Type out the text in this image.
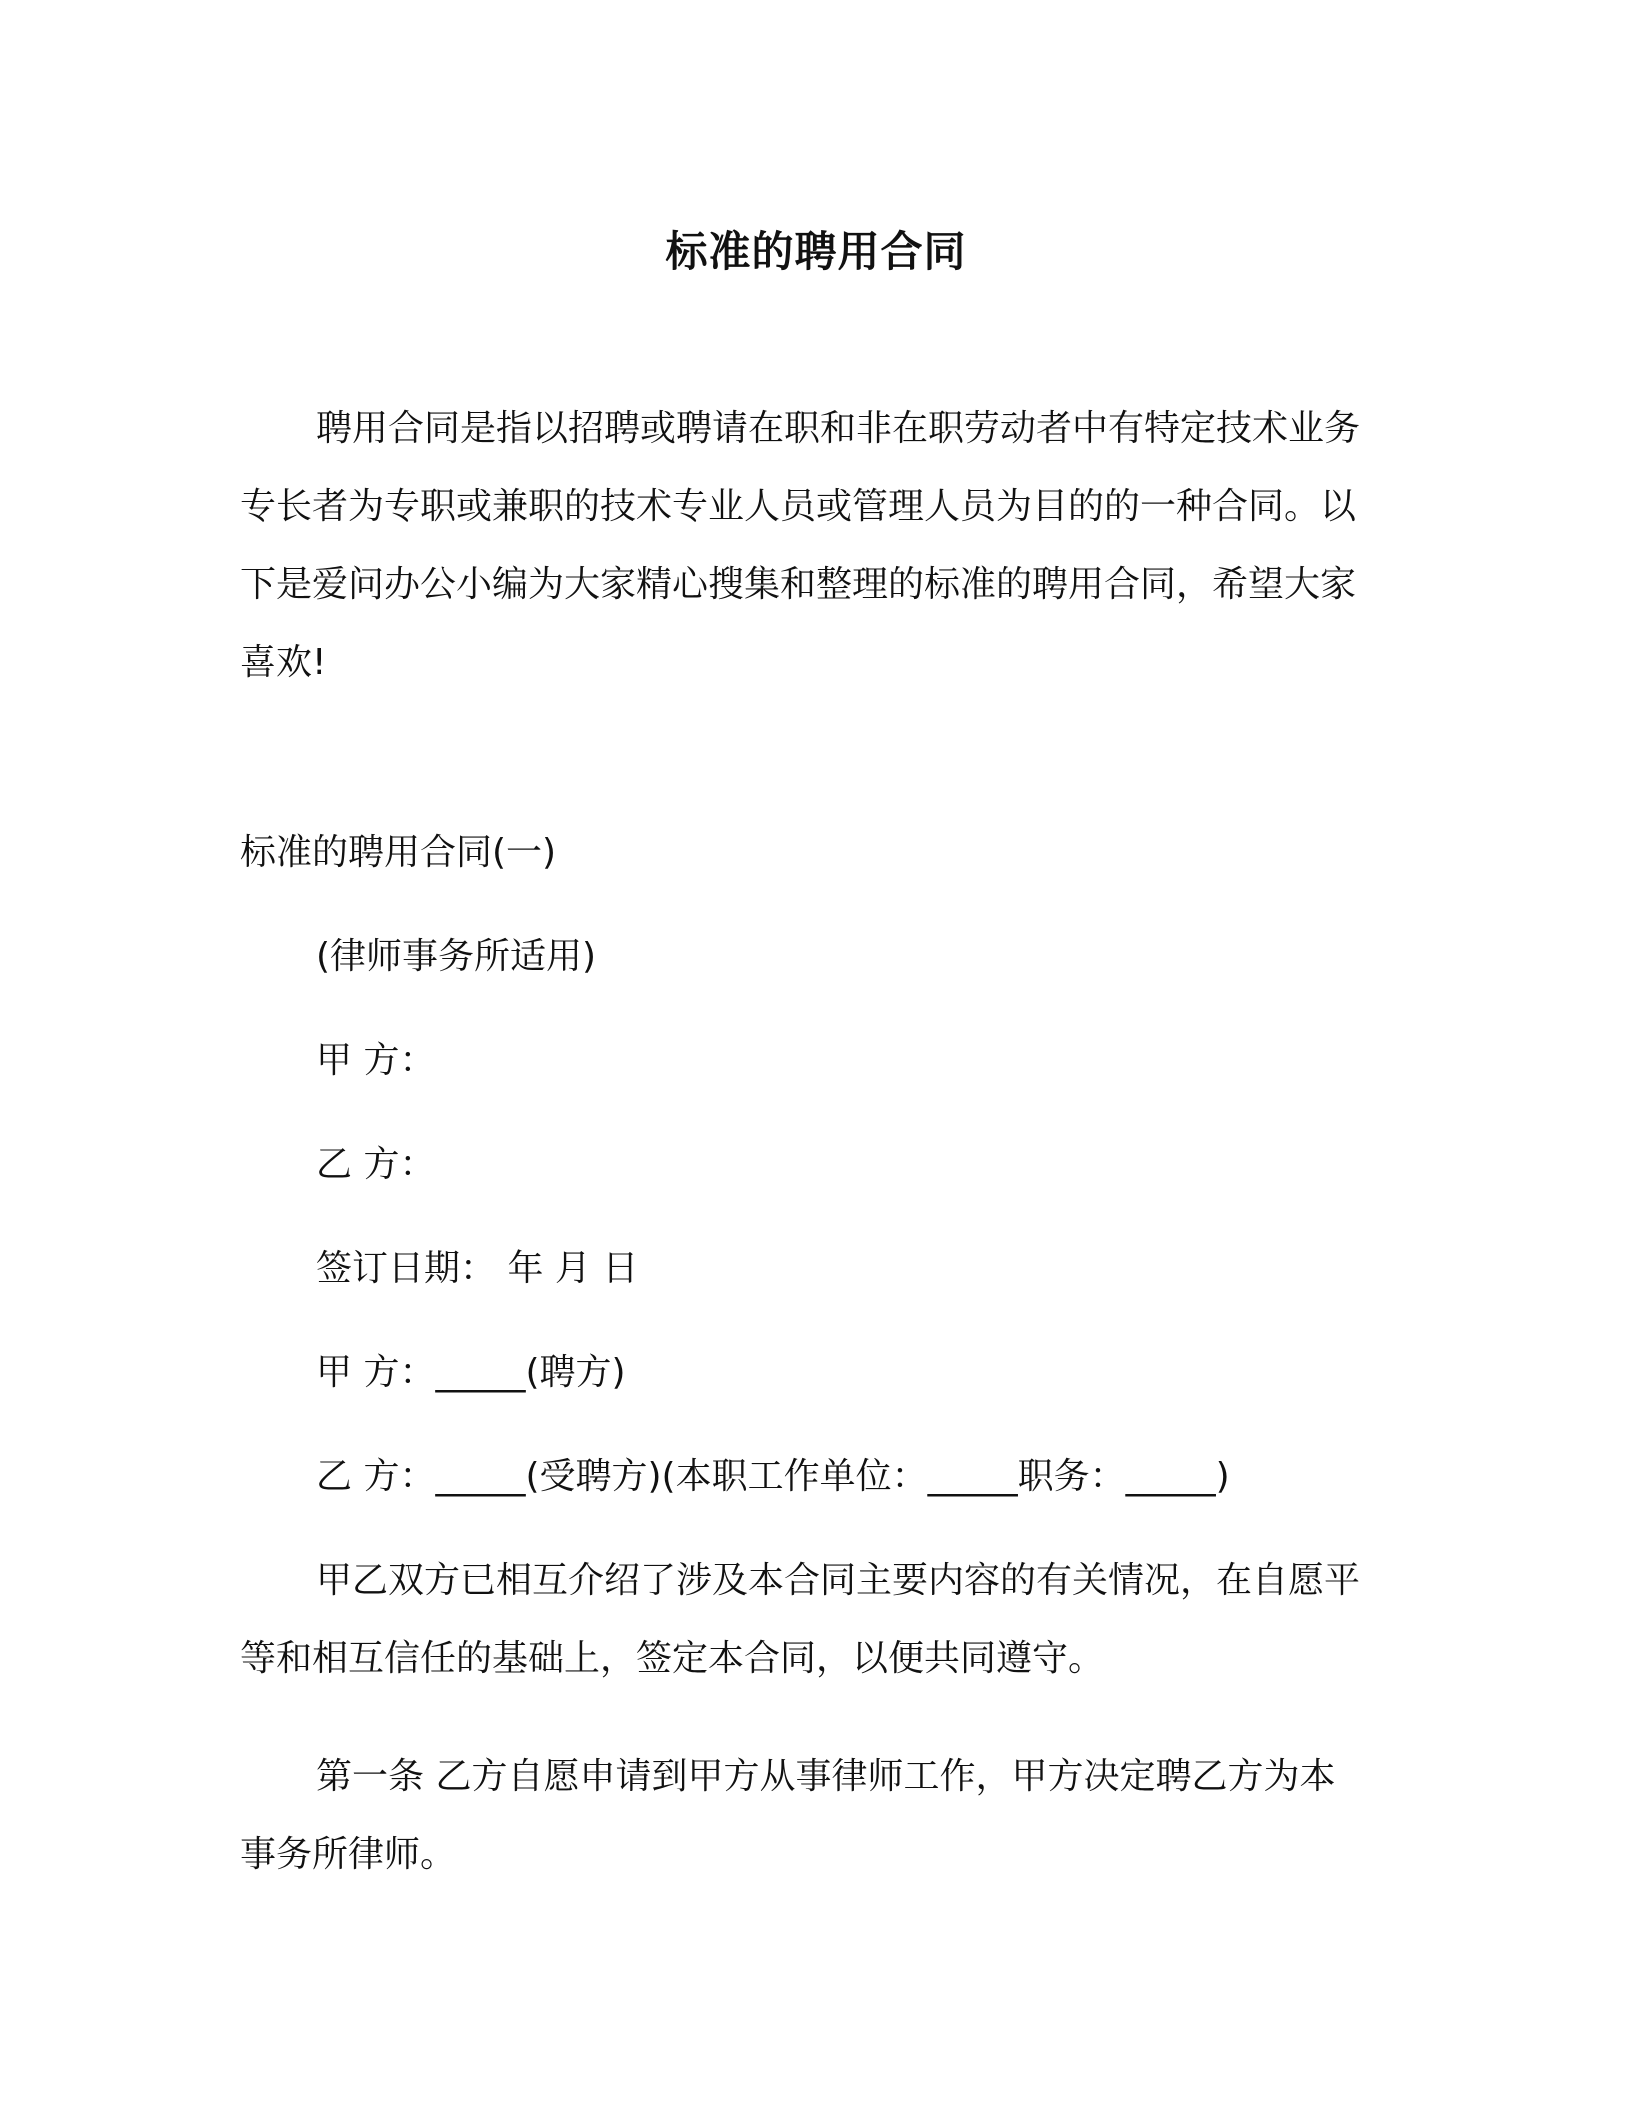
标准的聘用合同

聘用合同是指以招聘或聘请在职和非在职劳动者中有特定技术业务专长者为专职或兼职的技术专业人员或管理人员为目的的一种合同。以下是爱问办公小编为大家精心搜集和整理的标准的聘用合同，希望大家喜欢!

标准的聘用合同(一)

(律师事务所适用)

甲 方：

乙 方：

签订日期： 年 月 日

甲 方：_____(聘方)

乙 方：_____(受聘方)(本职工作单位：_____职务：_____)

甲乙双方已相互介绍了涉及本合同主要内容的有关情况，在自愿平等和相互信任的基础上，签定本合同，以便共同遵守。

第一条 乙方自愿申请到甲方从事律师工作，甲方决定聘乙方为本事务所律师。
